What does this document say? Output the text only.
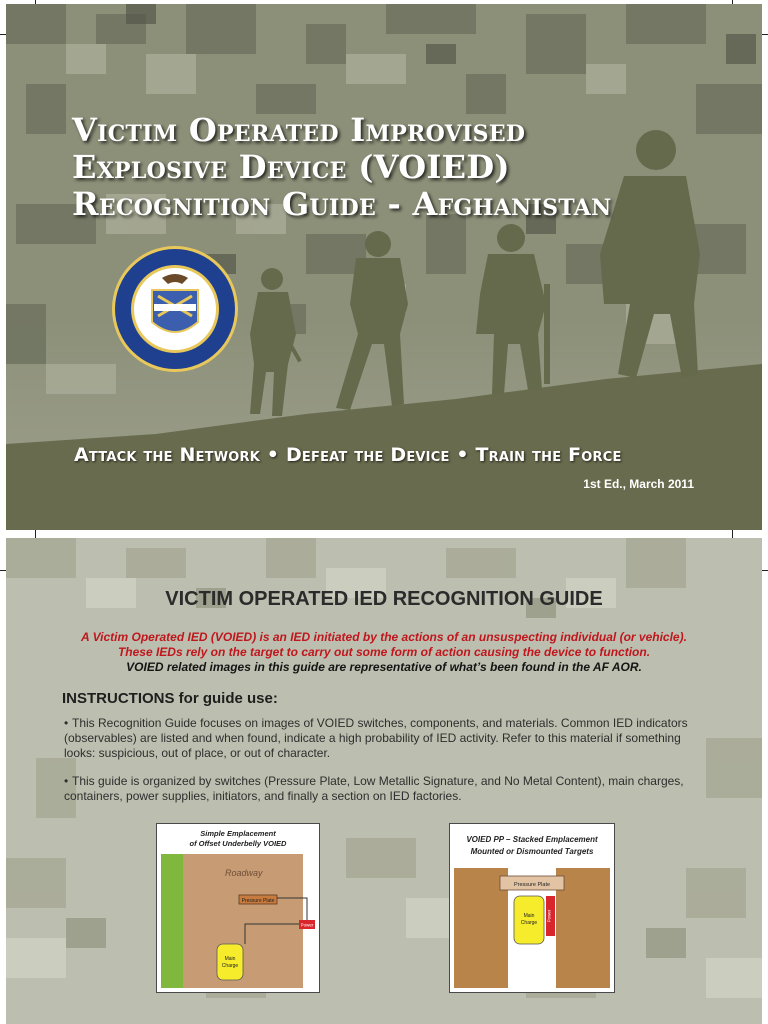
Victim Operated Improvised
Explosive Device (VOIED)
Recognition Guide - Afghanistan
Attack the Network • Defeat the Device • Train the Force
1st Ed., March 2011
VICTIM OPERATED IED RECOGNITION GUIDE
A Victim Operated IED (VOIED) is an IED initiated by the actions of an unsuspecting individual (or vehicle).
These IEDs rely on the target to carry out some form of action causing the device to function.
VOIED related images in this guide are representative of what’s been found in the AF AOR.
INSTRUCTIONS for guide use:
• This Recognition Guide focuses on images of VOIED switches, components, and materials. Common IED indicators (observables) are listed and when found, indicate a high probability of IED activity. Refer to this material if something looks: suspicious, out of place, or out of character.
• This guide is organized by switches (Pressure Plate, Low Metallic Signature, and No Metal Content), main charges, containers, power supplies, initiators, and finally a section on IED factories.
Simple Emplacement
of Offset Underbelly VOIED
Roadway
Pressure Plate
Power
Main
Charge
VOIED PP – Stacked Emplacement
Mounted or Dismounted Targets
Pressure Plate
Main
Charge
Power
